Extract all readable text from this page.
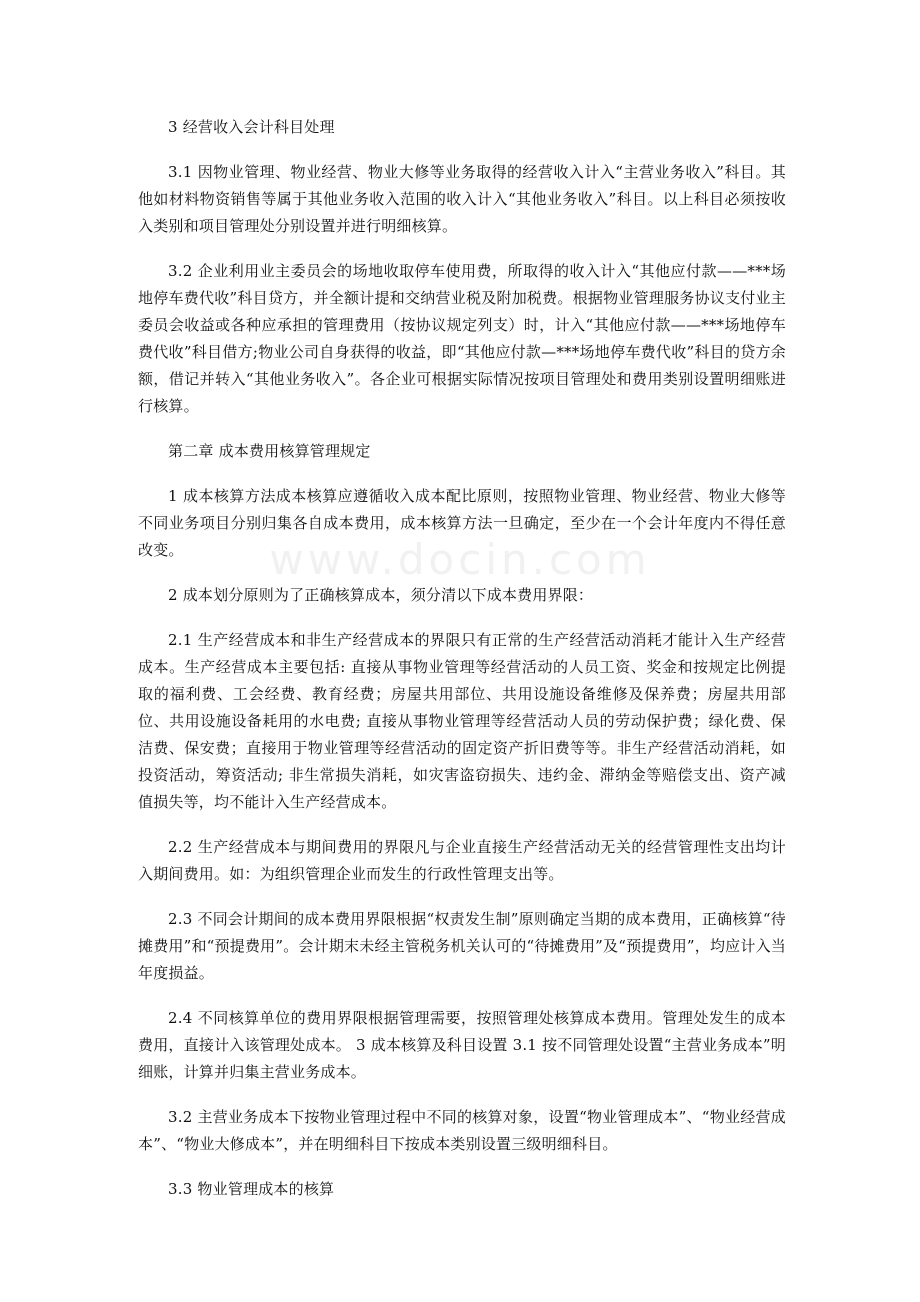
www.docin.com

3 经营收入会计科目处理

3.1 因物业管理、物业经营、物业大修等业务取得的经营收入计入“主营业务收入”科目。其他如材料物资销售等属于其他业务收入范围的收入计入“其他业务收入”科目。以上科目必须按收入类别和项目管理处分别设置并进行明细核算。

3.2 企业利用业主委员会的场地收取停车使用费，所取得的收入计入“其他应付款——***场地停车费代收”科目贷方，并全额计提和交纳营业税及附加税费。根据物业管理服务协议支付业主委员会收益或各种应承担的管理费用（按协议规定列支）时，计入“其他应付款——***场地停车费代收”科目借方;物业公司自身获得的收益，即“其他应付款—***场地停车费代收”科目的贷方余额，借记并转入“其他业务收入”。各企业可根据实际情况按项目管理处和费用类别设置明细账进行核算。

第二章 成本费用核算管理规定

1 成本核算方法成本核算应遵循收入成本配比原则，按照物业管理、物业经营、物业大修等不同业务项目分别归集各自成本费用，成本核算方法一旦确定，至少在一个会计年度内不得任意改变。

2 成本划分原则为了正确核算成本，须分清以下成本费用界限：

2.1 生产经营成本和非生产经营成本的界限只有正常的生产经营活动消耗才能计入生产经营成本。生产经营成本主要包括: 直接从事物业管理等经营活动的人员工资、奖金和按规定比例提取的福利费、工会经费、教育经费；房屋共用部位、共用设施设备维修及保养费；房屋共用部位、共用设施设备耗用的水电费; 直接从事物业管理等经营活动人员的劳动保护费；绿化费、保洁费、保安费；直接用于物业管理等经营活动的固定资产折旧费等等。非生产经营活动消耗，如投资活动，筹资活动; 非生常损失消耗，如灾害盗窃损失、违约金、滞纳金等赔偿支出、资产减值损失等，均不能计入生产经营成本。

2.2 生产经营成本与期间费用的界限凡与企业直接生产经营活动无关的经营管理性支出均计入期间费用。如：为组织管理企业而发生的行政性管理支出等。

2.3 不同会计期间的成本费用界限根据“权责发生制”原则确定当期的成本费用，正确核算“待摊费用”和“预提费用”。会计期末未经主管税务机关认可的“待摊费用”及“预提费用”，均应计入当年度损益。

2.4 不同核算单位的费用界限根据管理需要，按照管理处核算成本费用。管理处发生的成本费用，直接计入该管理处成本。 3 成本核算及科目设置 3.1 按不同管理处设置“主营业务成本”明细账，计算并归集主营业务成本。

3.2 主营业务成本下按物业管理过程中不同的核算对象，设置“物业管理成本”、“物业经营成本”、“物业大修成本”，并在明细科目下按成本类别设置三级明细科目。

3.3 物业管理成本的核算
